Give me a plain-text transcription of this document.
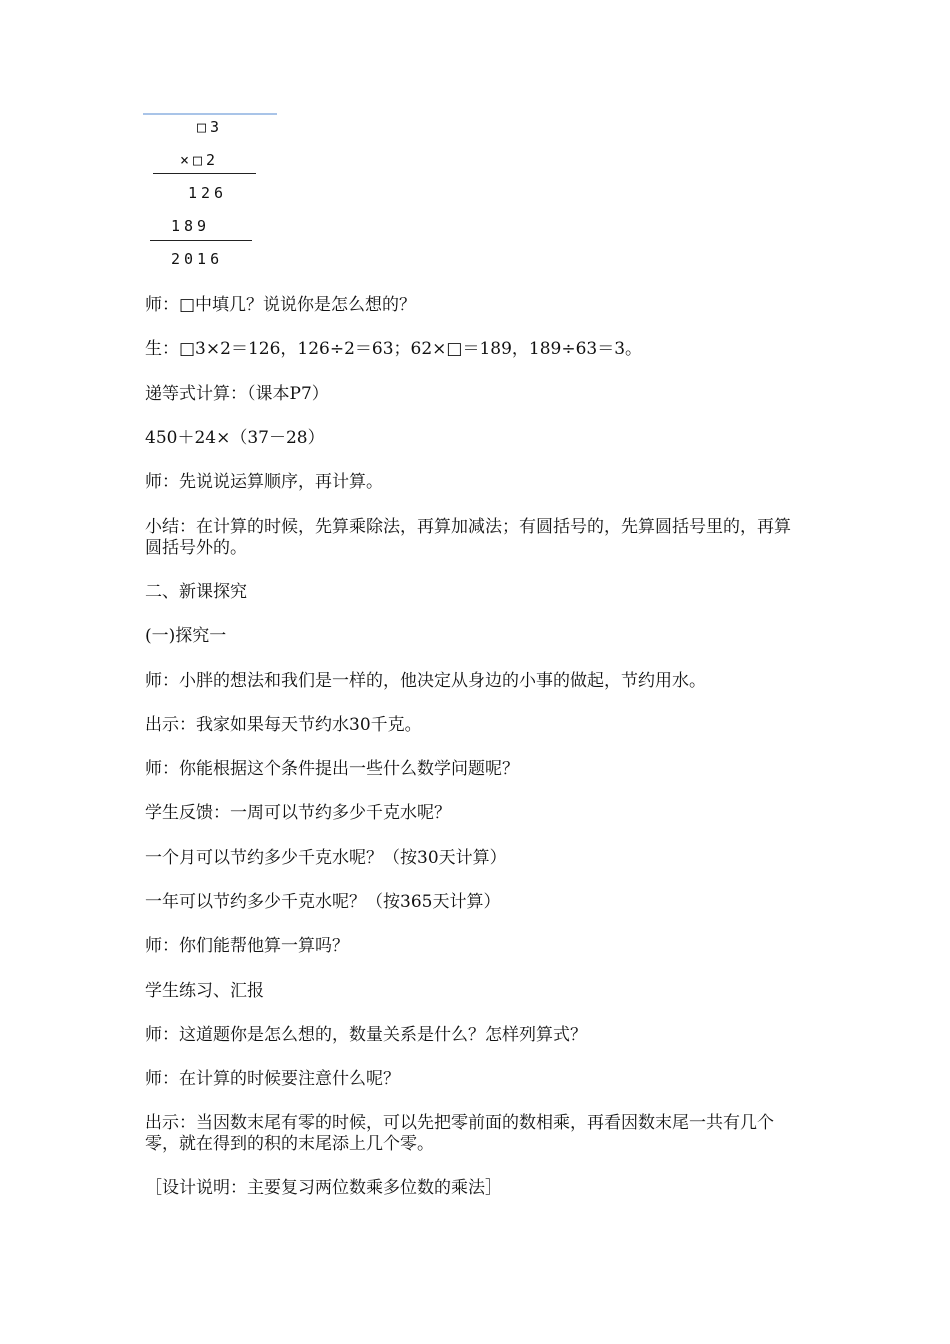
□3
×□2
126
189
2016
师：□中填几？说说你是怎么想的？
生：□3×2＝126，126÷2＝63；62×□＝189，189÷63＝3。
递等式计算：（课本P7）
450＋24×（37－28）
师：先说说运算顺序，再计算。
小结：在计算的时候，先算乘除法，再算加减法；有圆括号的，先算圆括号里的，再算圆括号外的。
二、新课探究
(一)探究一
师：小胖的想法和我们是一样的，他决定从身边的小事的做起，节约用水。
出示：我家如果每天节约水30千克。
师：你能根据这个条件提出一些什么数学问题呢？
学生反馈：一周可以节约多少千克水呢？
一个月可以节约多少千克水呢？（按30天计算）
一年可以节约多少千克水呢？（按365天计算）
师：你们能帮他算一算吗？
学生练习、汇报
师：这道题你是怎么想的，数量关系是什么？怎样列算式？
师：在计算的时候要注意什么呢？
出示：当因数末尾有零的时候，可以先把零前面的数相乘，再看因数末尾一共有几个零，就在得到的积的末尾添上几个零。
［设计说明：主要复习两位数乘多位数的乘法］
